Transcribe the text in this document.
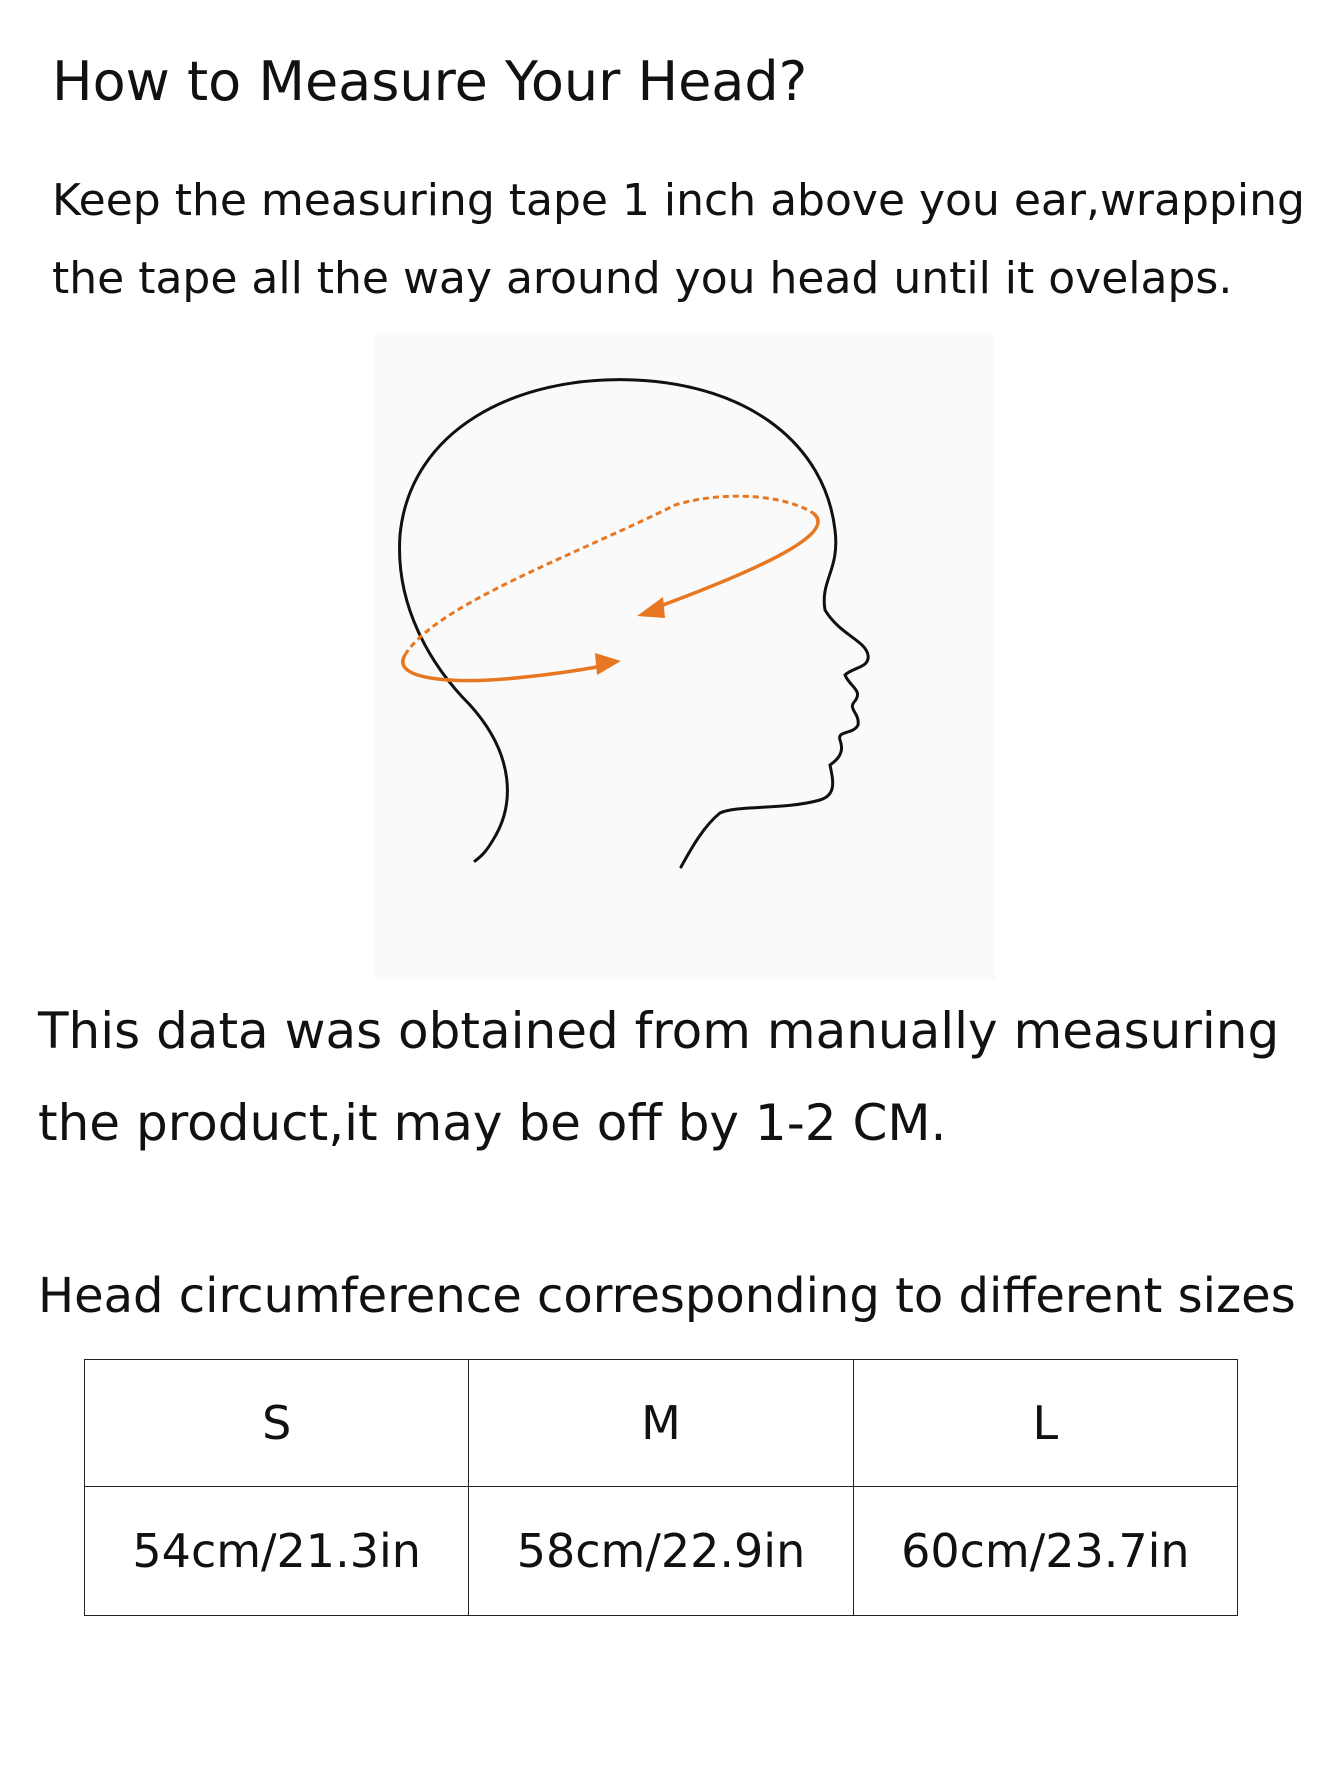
How to Measure Your Head?
Keep the measuring tape 1 inch above you ear,wrapping
the tape all the way around you head until it ovelaps.
This data was obtained from manually measuring
the product,it may be off by 1-2 CM.
Head circumference corresponding to different sizes
S	M	L
54cm/21.3in	58cm/22.9in	60cm/23.7in
